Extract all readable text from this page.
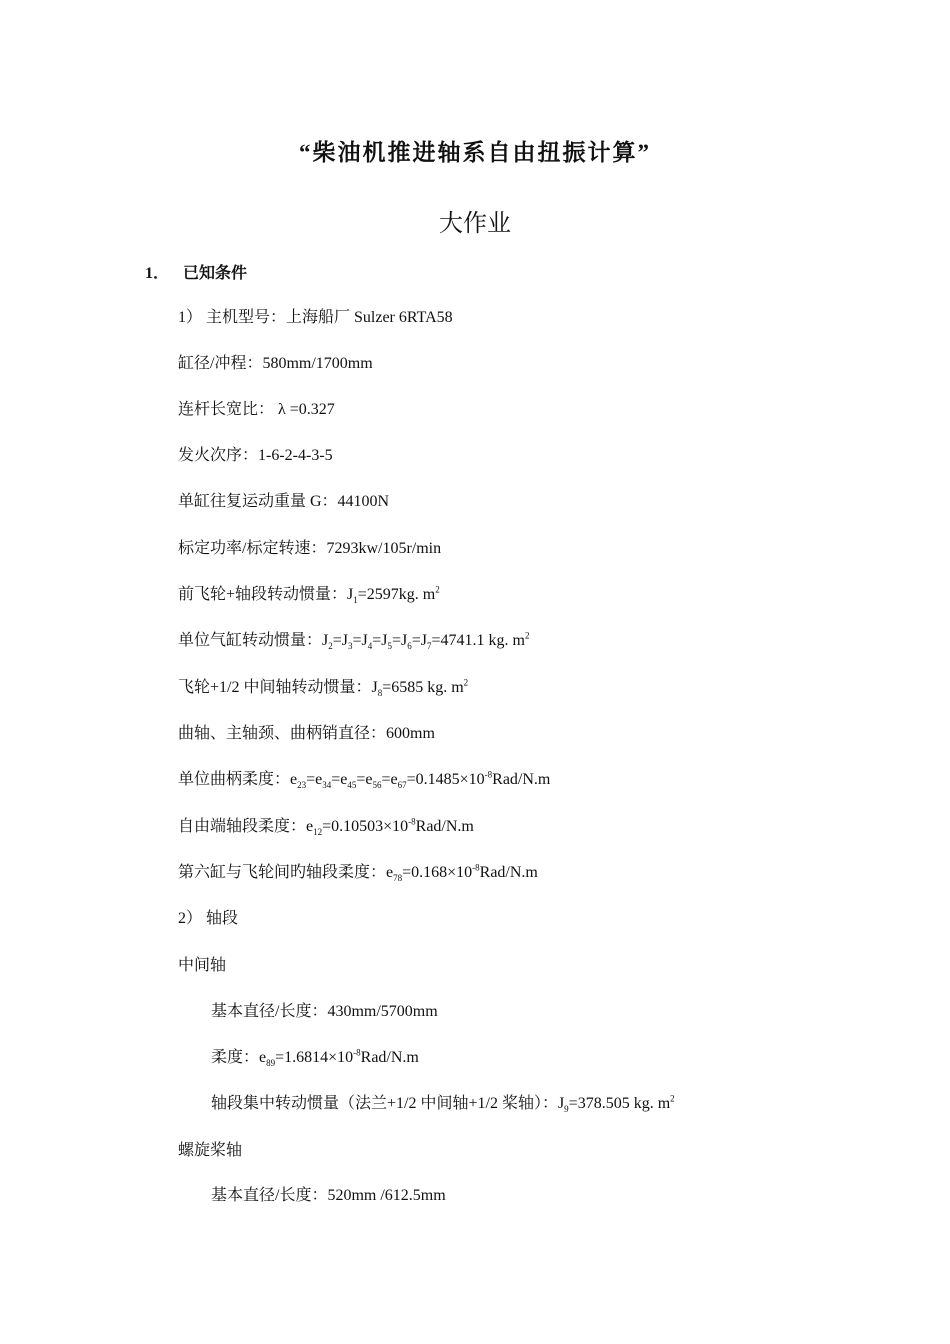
“柴油机推进轴系自由扭振计算”
大作业
1． 已知条件
1） 主机型号：上海船厂 Sulzer 6RTA58
缸径/冲程：580mm/1700mm
连杆长宽比： λ =0.327
发火次序：1-6-2-4-3-5
单缸往复运动重量 G：44100N
标定功率/标定转速：7293kw/105r/min
前飞轮+轴段转动惯量：$J_1=2597kg$. $m^2$
单位气缸转动惯量：$J_2=J_3=J_4=J_5=J_6=J_7=4741.1$ kg. $m^2$
飞轮+1/2 中间轴转动惯量：$J_8=6585$ kg. $m^2$
曲轴、主轴颈、曲柄销直径：600mm
单位曲柄柔度：$e_{23}=e_{34}=e_{45}=e_{56}=e_{67}=0.1485\times 10^{-8}Rad/N.m$
自由端轴段柔度：$e_{12}=0.10503\times 10^{-8}Rad/N.m$
第六缸与飞轮间旳轴段柔度：$e_{78}=0.168\times 10^{-8}Rad/N.m$
2） 轴段
中间轴
基本直径/长度：430mm/5700mm
柔度：$e_{89}=1.6814\times 10^{-8}Rad/N.m$
轴段集中转动惯量（法兰+1/2 中间轴+1/2 桨轴）：$J_9=378.505$ kg. $m^2$
螺旋桨轴
基本直径/长度：520mm /612.5mm
